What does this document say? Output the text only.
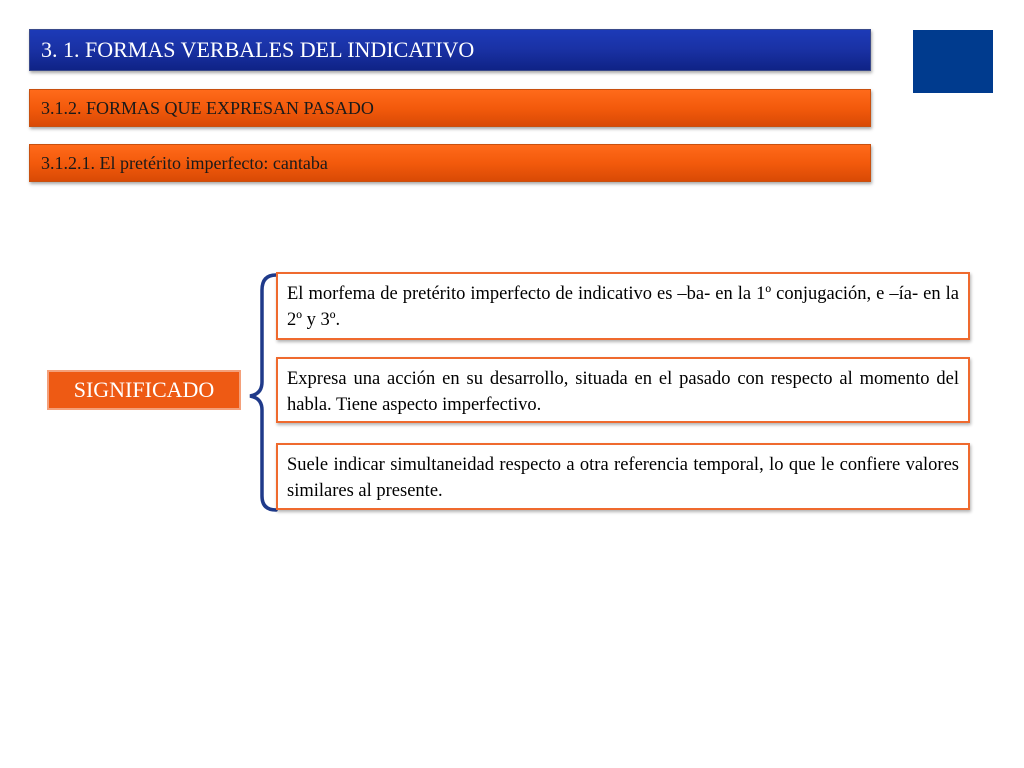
3. 1. FORMAS VERBALES DEL INDICATIVO
3.1.2. FORMAS QUE EXPRESAN PASADO
3.1.2.1. El pretérito imperfecto: cantaba
SIGNIFICADO
El morfema de pretérito imperfecto de indicativo es –ba- en la 1º conjugación, e –ía- en la 2º y 3º.
Expresa una acción en su desarrollo, situada en el pasado con respecto al momento del habla. Tiene aspecto imperfectivo.
Suele indicar simultaneidad respecto a otra referencia temporal, lo que le confiere valores similares al presente.
